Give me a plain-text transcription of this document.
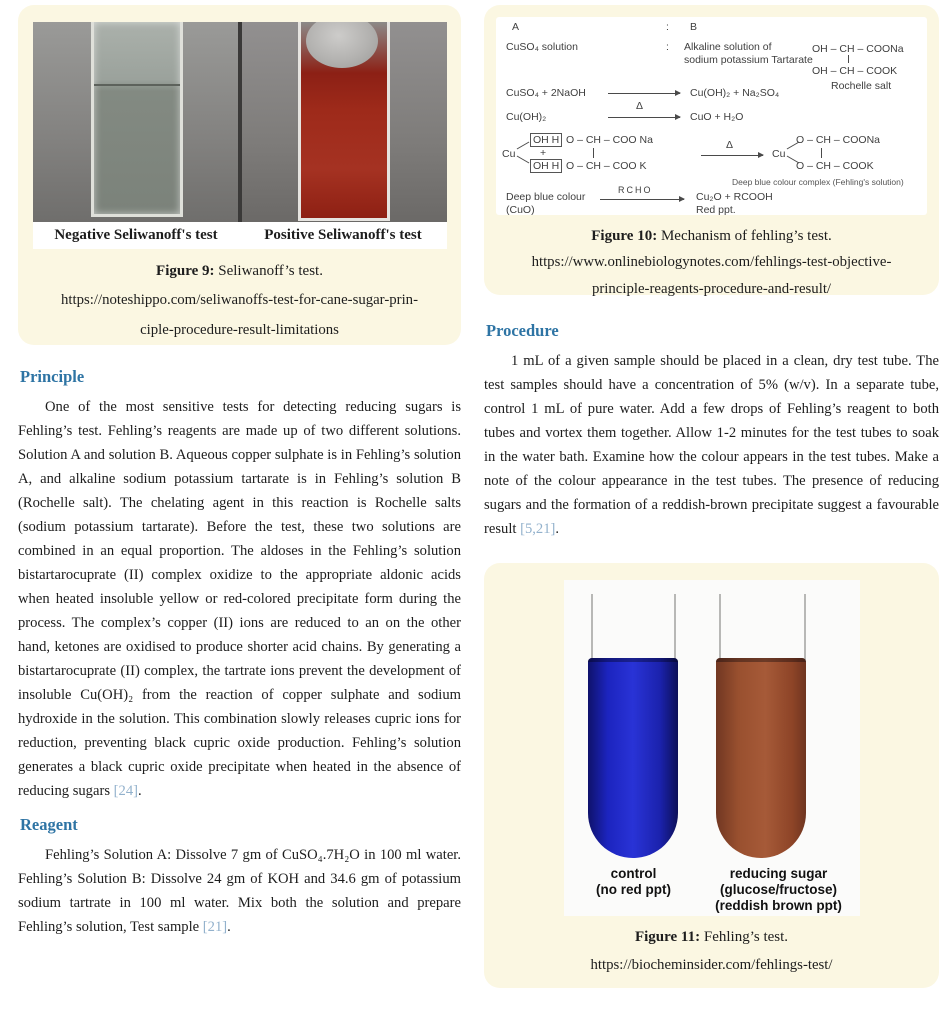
Negative Seliwanoff's test	Positive Seliwanoff's test
Figure 9: Seliwanoff’s test.
https://noteshippo.com/seliwanoffs-test-for-cane-sugar-prin-
ciple-procedure-result-limitations
Principle

One of the most sensitive tests for detecting reducing sugars is Fehling’s test. Fehling’s reagents are made up of two different solutions. Solution A and solution B. Aqueous copper sulphate is in Fehling’s solution A, and alkaline sodium potassium tartarate is in Fehling’s solution B (Rochelle salt). The chelating agent in this reaction is Rochelle salts (sodium potassium tartarate). Before the test, these two solutions are combined in an equal proportion. The aldoses in the Fehling’s solution bistartarocuprate (II) complex oxidize to the appropriate aldonic acids when heated insoluble yellow or red-colored precipitate form during the process. The complex’s copper (II) ions are reduced to an on the other hand, ketones are oxidised to produce shorter acid chains. By generating a bistartarocuprate (II) complex, the tartrate ions prevent the development of insoluble Cu(OH)₂ from the reaction of copper sulphate and sodium hydroxide in the solution. This combination slowly releases cupric ions for reduction, preventing black cupric oxide production. Fehling’s solution generates a black cupric oxide precipitate when heated in the absence of reducing sugars [24].

Reagent

Fehling’s Solution A: Dissolve 7 gm of CuSO₄.7H₂O in 100 ml water. Fehling’s Solution B: Dissolve 24 gm of KOH and 34.6 gm of potassium sodium tartrate in 100 ml water. Mix both the solution and prepare Fehling’s solution, Test sample [21].

A	: B
CuSO₄ solution	: Alkaline solution of
sodium potassium Tartarate
OH – CH – COONa
OH – CH – COOK
Rochelle salt
CuSO₄ + 2NaOH	Cu(OH)₂ + Na₂SO₄
Cu(OH)₂
Δ
CuO + H₂O
Cu
OH H O – CH – COO Na
+
OH H O – CH – COO K
Δ
Cu
O – CH – COONa
O – CH – COOK
Deep blue colour complex (Fehling's solution)
Deep blue colour
(CuO)
RCHO
Cu₂O + RCOOH
Red ppt.
Figure 10: Mechanism of fehling’s test.
https://www.onlinebiologynotes.com/fehlings-test-objective-
principle-reagents-procedure-and-result/
Procedure

1 mL of a given sample should be placed in a clean, dry test tube. The test samples should have a concentration of 5% (w/v). In a separate tube, control 1 mL of pure water. Add a few drops of Fehling’s reagent to both tubes and vortex them together. Allow 1-2 minutes for the test tubes to soak in the water bath. Examine how the colour appears in the test tubes. Make a note of the colour appearance in the test tubes. The presence of reducing sugars and the formation of a reddish-brown precipitate suggest a favourable result [5,21].

control
(no red ppt)
reducing sugar
(glucose/fructose)
(reddish brown ppt)
Figure 11: Fehling’s test.
https://biocheminsider.com/fehlings-test/
